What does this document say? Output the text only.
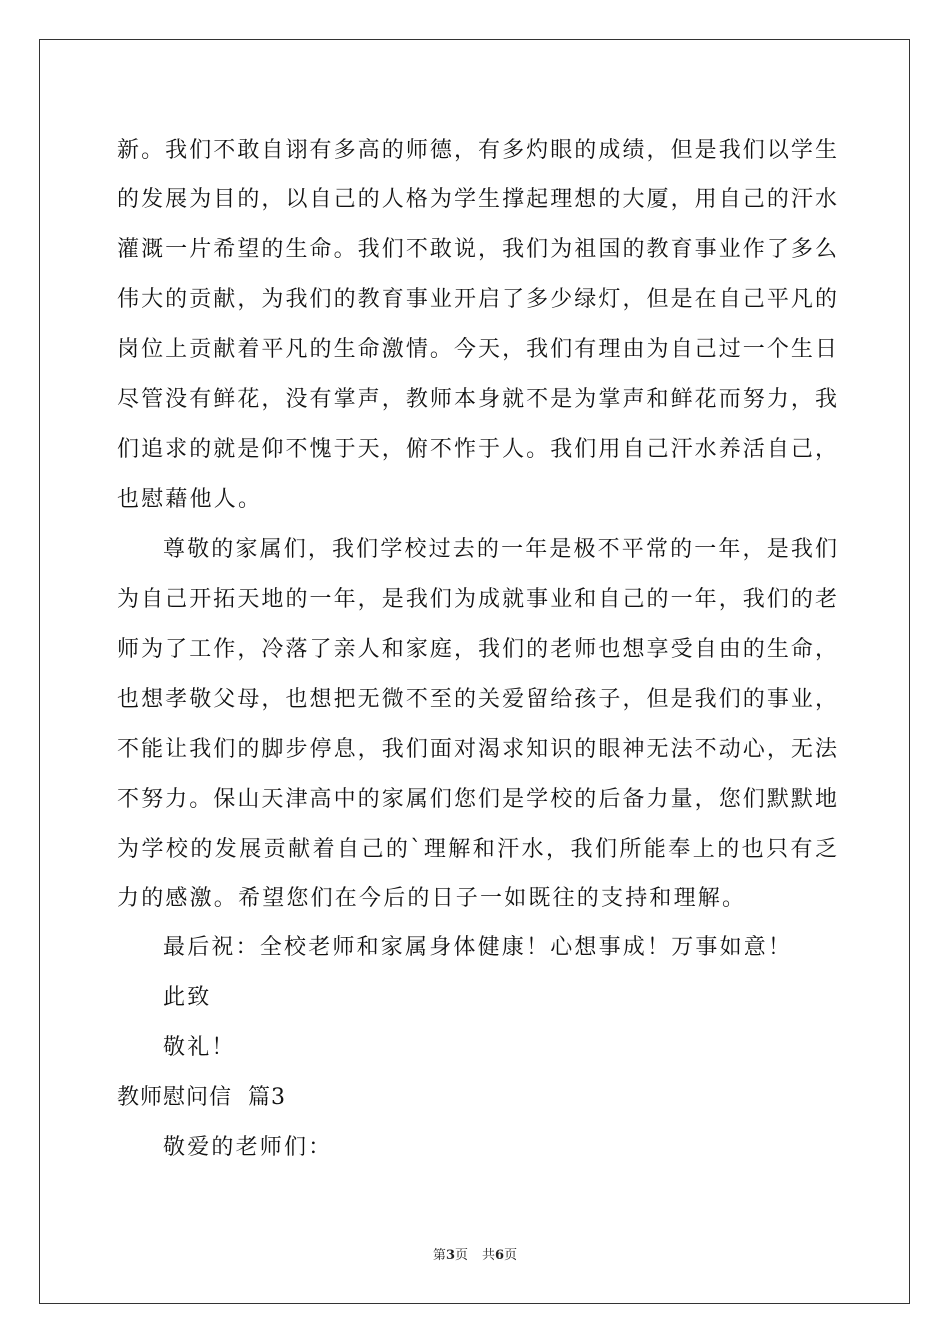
新。我们不敢自诩有多高的师德，有多灼眼的成绩，但是我们以学生
的发展为目的，以自己的人格为学生撑起理想的大厦，用自己的汗水
灌溉一片希望的生命。我们不敢说，我们为祖国的教育事业作了多么
伟大的贡献，为我们的教育事业开启了多少绿灯，但是在自己平凡的
岗位上贡献着平凡的生命激情。今天，我们有理由为自己过一个生日
尽管没有鲜花，没有掌声，教师本身就不是为掌声和鲜花而努力，我
们追求的就是仰不愧于天，俯不怍于人。我们用自己汗水养活自己，
也慰藉他人。
尊敬的家属们，我们学校过去的一年是极不平常的一年，是我们
为自己开拓天地的一年，是我们为成就事业和自己的一年，我们的老
师为了工作，冷落了亲人和家庭，我们的老师也想享受自由的生命，
也想孝敬父母，也想把无微不至的关爱留给孩子，但是我们的事业，
不能让我们的脚步停息，我们面对渴求知识的眼神无法不动心，无法
不努力。保山天津高中的家属们您们是学校的后备力量，您们默默地
为学校的发展贡献着自己的`理解和汗水，我们所能奉上的也只有乏
力的感激。希望您们在今后的日子一如既往的支持和理解。
最后祝：全校老师和家属身体健康！心想事成！万事如意！
此致
敬礼！
教师慰问信  篇3
敬爱的老师们：
第3页 共6页
